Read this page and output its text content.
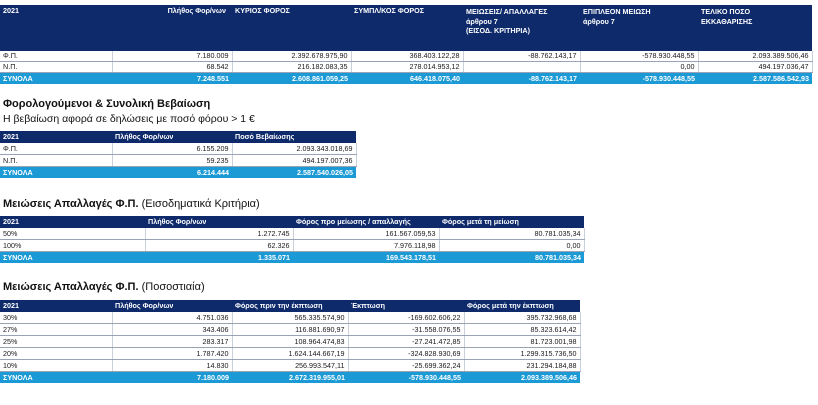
2021	Πλήθος Φορ/νων	ΚΥΡΙΟΣ ΦΟΡΟΣ	ΣΥΜΠΛ/ΚΟΣ ΦΟΡΟΣ	ΜΕΙΩΣΕΙΣ/ ΑΠΑΛΛΑΓΕΣ
άρθρου 7
(ΕΙΣΟΔ. ΚΡΙΤΗΡΙΑ)	ΕΠΙΠΛΕΟΝ ΜΕΙΩΣΗ
άρθρου 7	ΤΕΛΙΚΟ ΠΟΣΟ
ΕΚΚΑΘΑΡΙΣΗΣ
Φ.Π.	7.180.009	2.392.678.975,90	368.403.122,28	-88.762.143,17	-578.930.448,55	2.093.389.506,46
Ν.Π.	68.542	216.182.083,35	278.014.953,12		0,00	494.197.036,47
ΣΥΝΟΛΑ	7.248.551	2.608.861.059,25	646.418.075,40	-88.762.143,17	-578.930.448,55	2.587.586.542,93
Φορολογούμενοι & Συνολική Βεβαίωση
Η βεβαίωση αφορά σε δηλώσεις με ποσό φόρου > 1 €
2021	Πλήθος Φορ/νων	Ποσό Βεβαίωσης
Φ.Π.	6.155.209	2.093.343.018,69
Ν.Π.	59.235	494.197.007,36
ΣΥΝΟΛΑ	6.214.444	2.587.540.026,05
Μειώσεις Απαλλαγές Φ.Π. (Εισοδηματικά Κριτήρια)
2021	Πλήθος Φορ/νων	Φόρος προ μείωσης / απαλλαγής	Φόρος μετά τη μείωση
50%	1.272.745	161.567.059,53	80.781.035,34
100%	62.326	7.976.118,98	0,00
ΣΥΝΟΛΑ	1.335.071	169.543.178,51	80.781.035,34
Μειώσεις Απαλλαγές Φ.Π. (Ποσοστιαία)
2021	Πλήθος Φορ/νων	Φόρος πριν την έκπτωση	Έκπτωση	Φόρος μετά την έκπτωση
30%	4.751.036	565.335.574,90	-169.602.606,22	395.732.968,68
27%	343.406	116.881.690,97	-31.558.076,55	85.323.614,42
25%	283.317	108.964.474,83	-27.241.472,85	81.723.001,98
20%	1.787.420	1.624.144.667,19	-324.828.930,69	1.299.315.736,50
10%	14.830	256.993.547,11	-25.699.362,24	231.294.184,88
ΣΥΝΟΛΑ	7.180.009	2.672.319.955,01	-578.930.448,55	2.093.389.506,46
